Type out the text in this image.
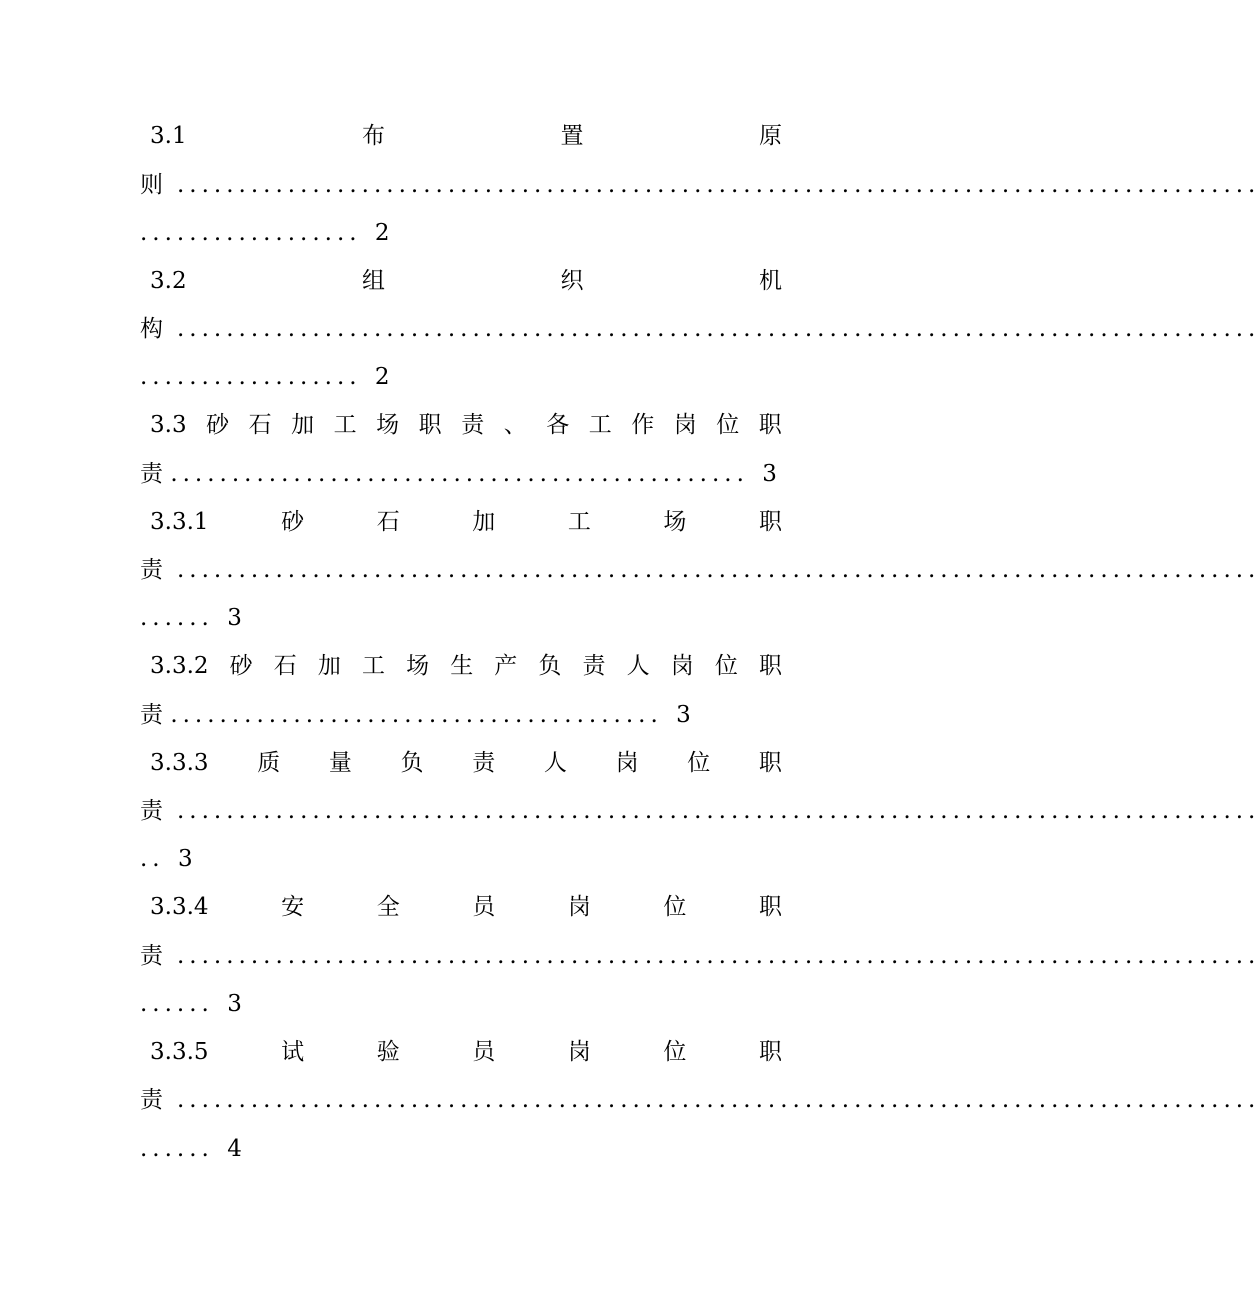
3.1	布	置	原
则 ........................................................................................
.................. 2
3.2	组	织	机
构 ........................................................................................
.................. 2
3.3 砂 石 加 工 场 职 责 、 各 工 作 岗 位 职
责 ............................................... 3
3.3.1	砂	石	加	工	场	职
责 ........................................................................................
...... 3
3.3.2 砂 石 加 工 场 生 产 负 责 人 岗 位 职
责 ........................................ 3
3.3.3 质 量 负 责 人 岗 位 职
责 ........................................................................................
.. 3
3.3.4	安	全	员	岗	位	职
责 ........................................................................................
...... 3
3.3.5	试	验	员	岗	位	职
责 ........................................................................................
...... 4
